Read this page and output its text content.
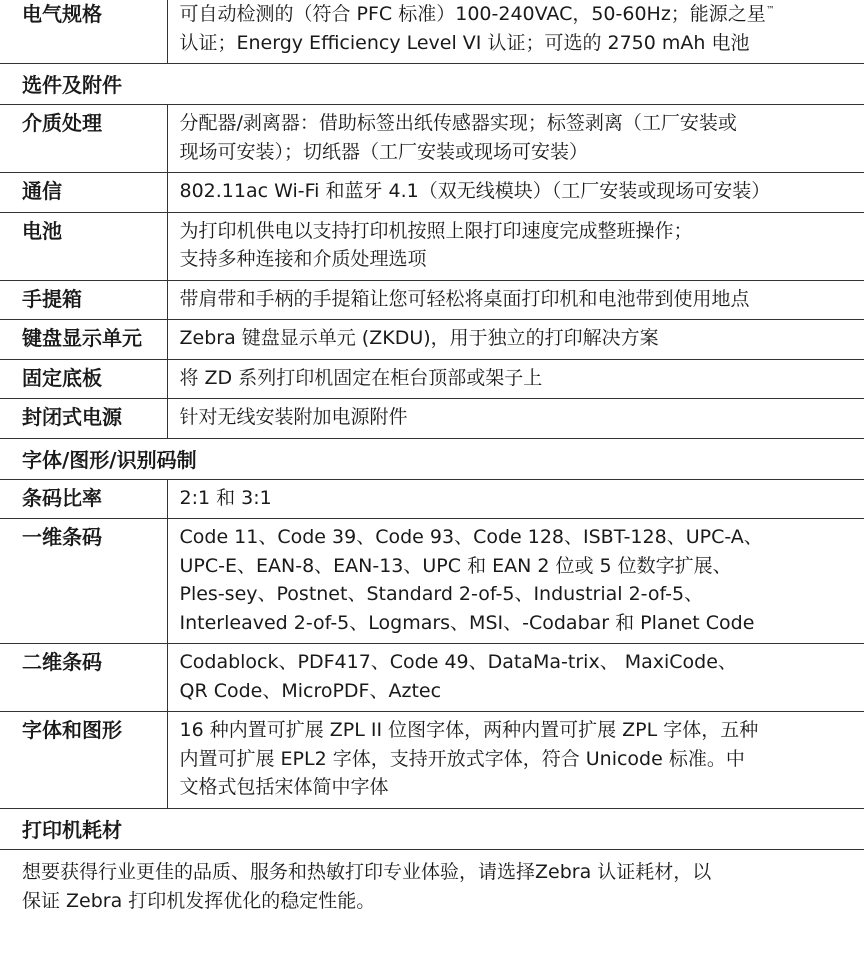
电气规格	可自动检测的（符合 PFC 标准）100-240VAC，50-60Hz；能源之星™
认证；Energy Efficiency Level VI 认证；可选的 2750 mAh 电池

选件及附件	
介质处理	分配器/剥离器：借助标签出纸传感器实现；标签剥离（工厂安装或
现场可安装）；切纸器（工厂安装或现场可安装）

通信	802.11ac Wi-Fi 和蓝牙 4.1（双无线模块）（工厂安装或现场可安装）

电池	为打印机供电以支持打印机按照上限打印速度完成整班操作；
支持多种连接和介质处理选项

手提箱	带肩带和手柄的手提箱让您可轻松将桌面打印机和电池带到使用地点

键盘显示单元	Zebra 键盘显示单元 (ZKDU)，用于独立的打印解决方案

固定底板	将 ZD 系列打印机固定在柜台顶部或架子上

封闭式电源	针对无线安装附加电源附件

字体/图形/识别码制	
条码比率	2:1 和 3:1

一维条码	Code 11、Code 39、Code 93、Code 128、ISBT-128、UPC-A、
UPC-E、EAN-8、EAN-13、UPC 和 EAN 2 位或 5 位数字扩展、
Ples-sey、Postnet、Standard 2-of-5、Industrial 2-of-5、
Interleaved 2-of-5、Logmars、MSI、-Codabar 和 Planet Code

二维条码	Codablock、PDF417、Code 49、DataMa-trix、 MaxiCode、
QR Code、MicroPDF、Aztec

字体和图形	16 种内置可扩展 ZPL II 位图字体，两种内置可扩展 ZPL 字体，五种
内置可扩展 EPL2 字体，支持开放式字体，符合 Unicode 标准。中
文格式包括宋体简中字体

打印机耗材	
想要获得行业更佳的品质、服务和热敏打印专业体验，请选择Zebra 认证耗材，以
保证 Zebra 打印机发挥优化的稳定性能。
